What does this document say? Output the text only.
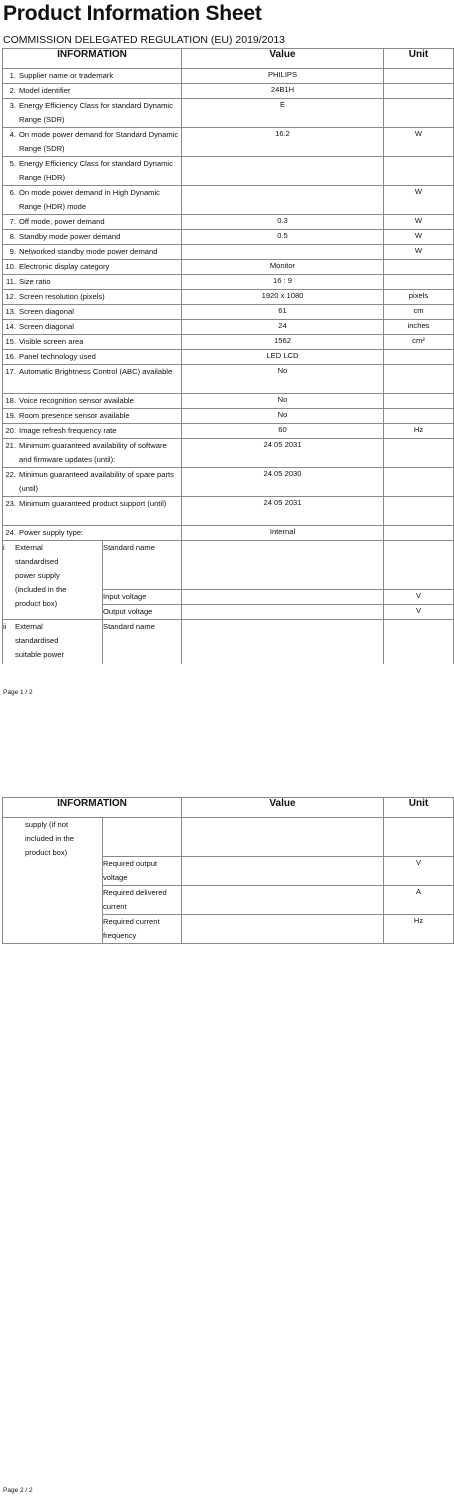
Product Information Sheet
COMMISSION DELEGATED REGULATION (EU) 2019/2013
INFORMATION		Value	Unit
1. Supplier name or trademark		PHILIPS	
2. Model identifier		24B1H	
3. Energy Efficiency Class for standard Dynamic Range (SDR)		E	
4. On mode power demand for Standard Dynamic Range (SDR)		16.2	W
5. Energy Efficiency Class for standard Dynamic Range (HDR)			
6. On mode power demand in High Dynamic Range (HDR) mode			W
7. Off mode, power demand		0.3	W
8. Standby mode power demand		0.5	W
9. Networked standby mode power demand			W
10. Electronic display category		Monitor	
11. Size ratio		16 : 9	
12. Screen resolution (pixels)		1920 x 1080	pixels
13. Screen diagonal		61	cm
14. Screen diagonal		24	inches
15. Visible screen area		1562	cm²
16. Panel technology used		LED LCD	
17. Automatic Brightness Control (ABC) available		No	
18. Voice recognition sensor available		No	
19. Room presence sensor available		No	
20. Image refresh frequency rate		60	Hz
21. Minimum guaranteed availability of software and firmware updates (until):		24 05 2031	
22. Minimun guaranteed availability of spare parts (until)		24 05 2030	
23. Minimum guaranteed product support (until)		24 05 2031	
24. Power supply type:		Internal	
i External standardised power supply (included in the product box)	Standard name		
	Input voltage		V
	Output voltage		V
ii External standardised suitable power	Standard name		
Page 1 / 2
INFORMATION		Value	Unit
supply (if not included in the product box)			
	Required output voltage		V
	Required delivered current		A
	Required current frequency		Hz
Page 2 / 2
